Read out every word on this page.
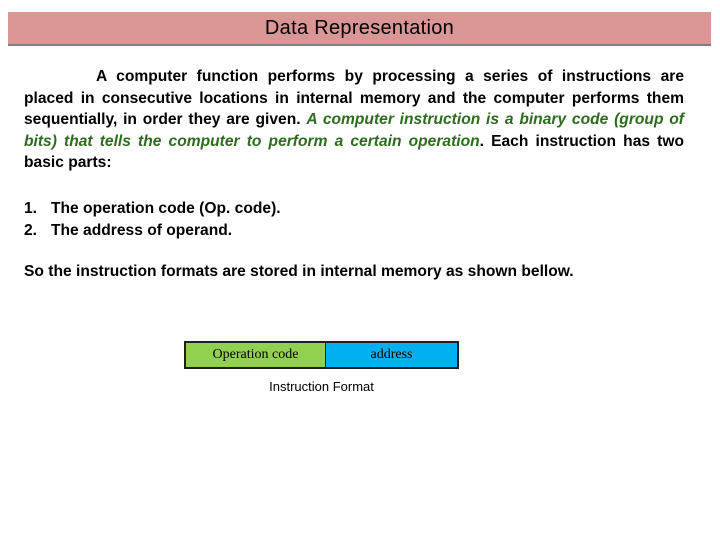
Data Representation
A computer function performs by processing a series of instructions are placed in consecutive locations in internal memory and the computer performs them sequentially, in order they are given. A computer instruction is a binary code (group of bits) that tells the computer to perform a certain operation. Each instruction has two basic parts:
1. The operation code (Op. code).
2. The address of operand.
So the instruction formats are stored in internal memory as shown bellow.
Operation code	address
Instruction Format
